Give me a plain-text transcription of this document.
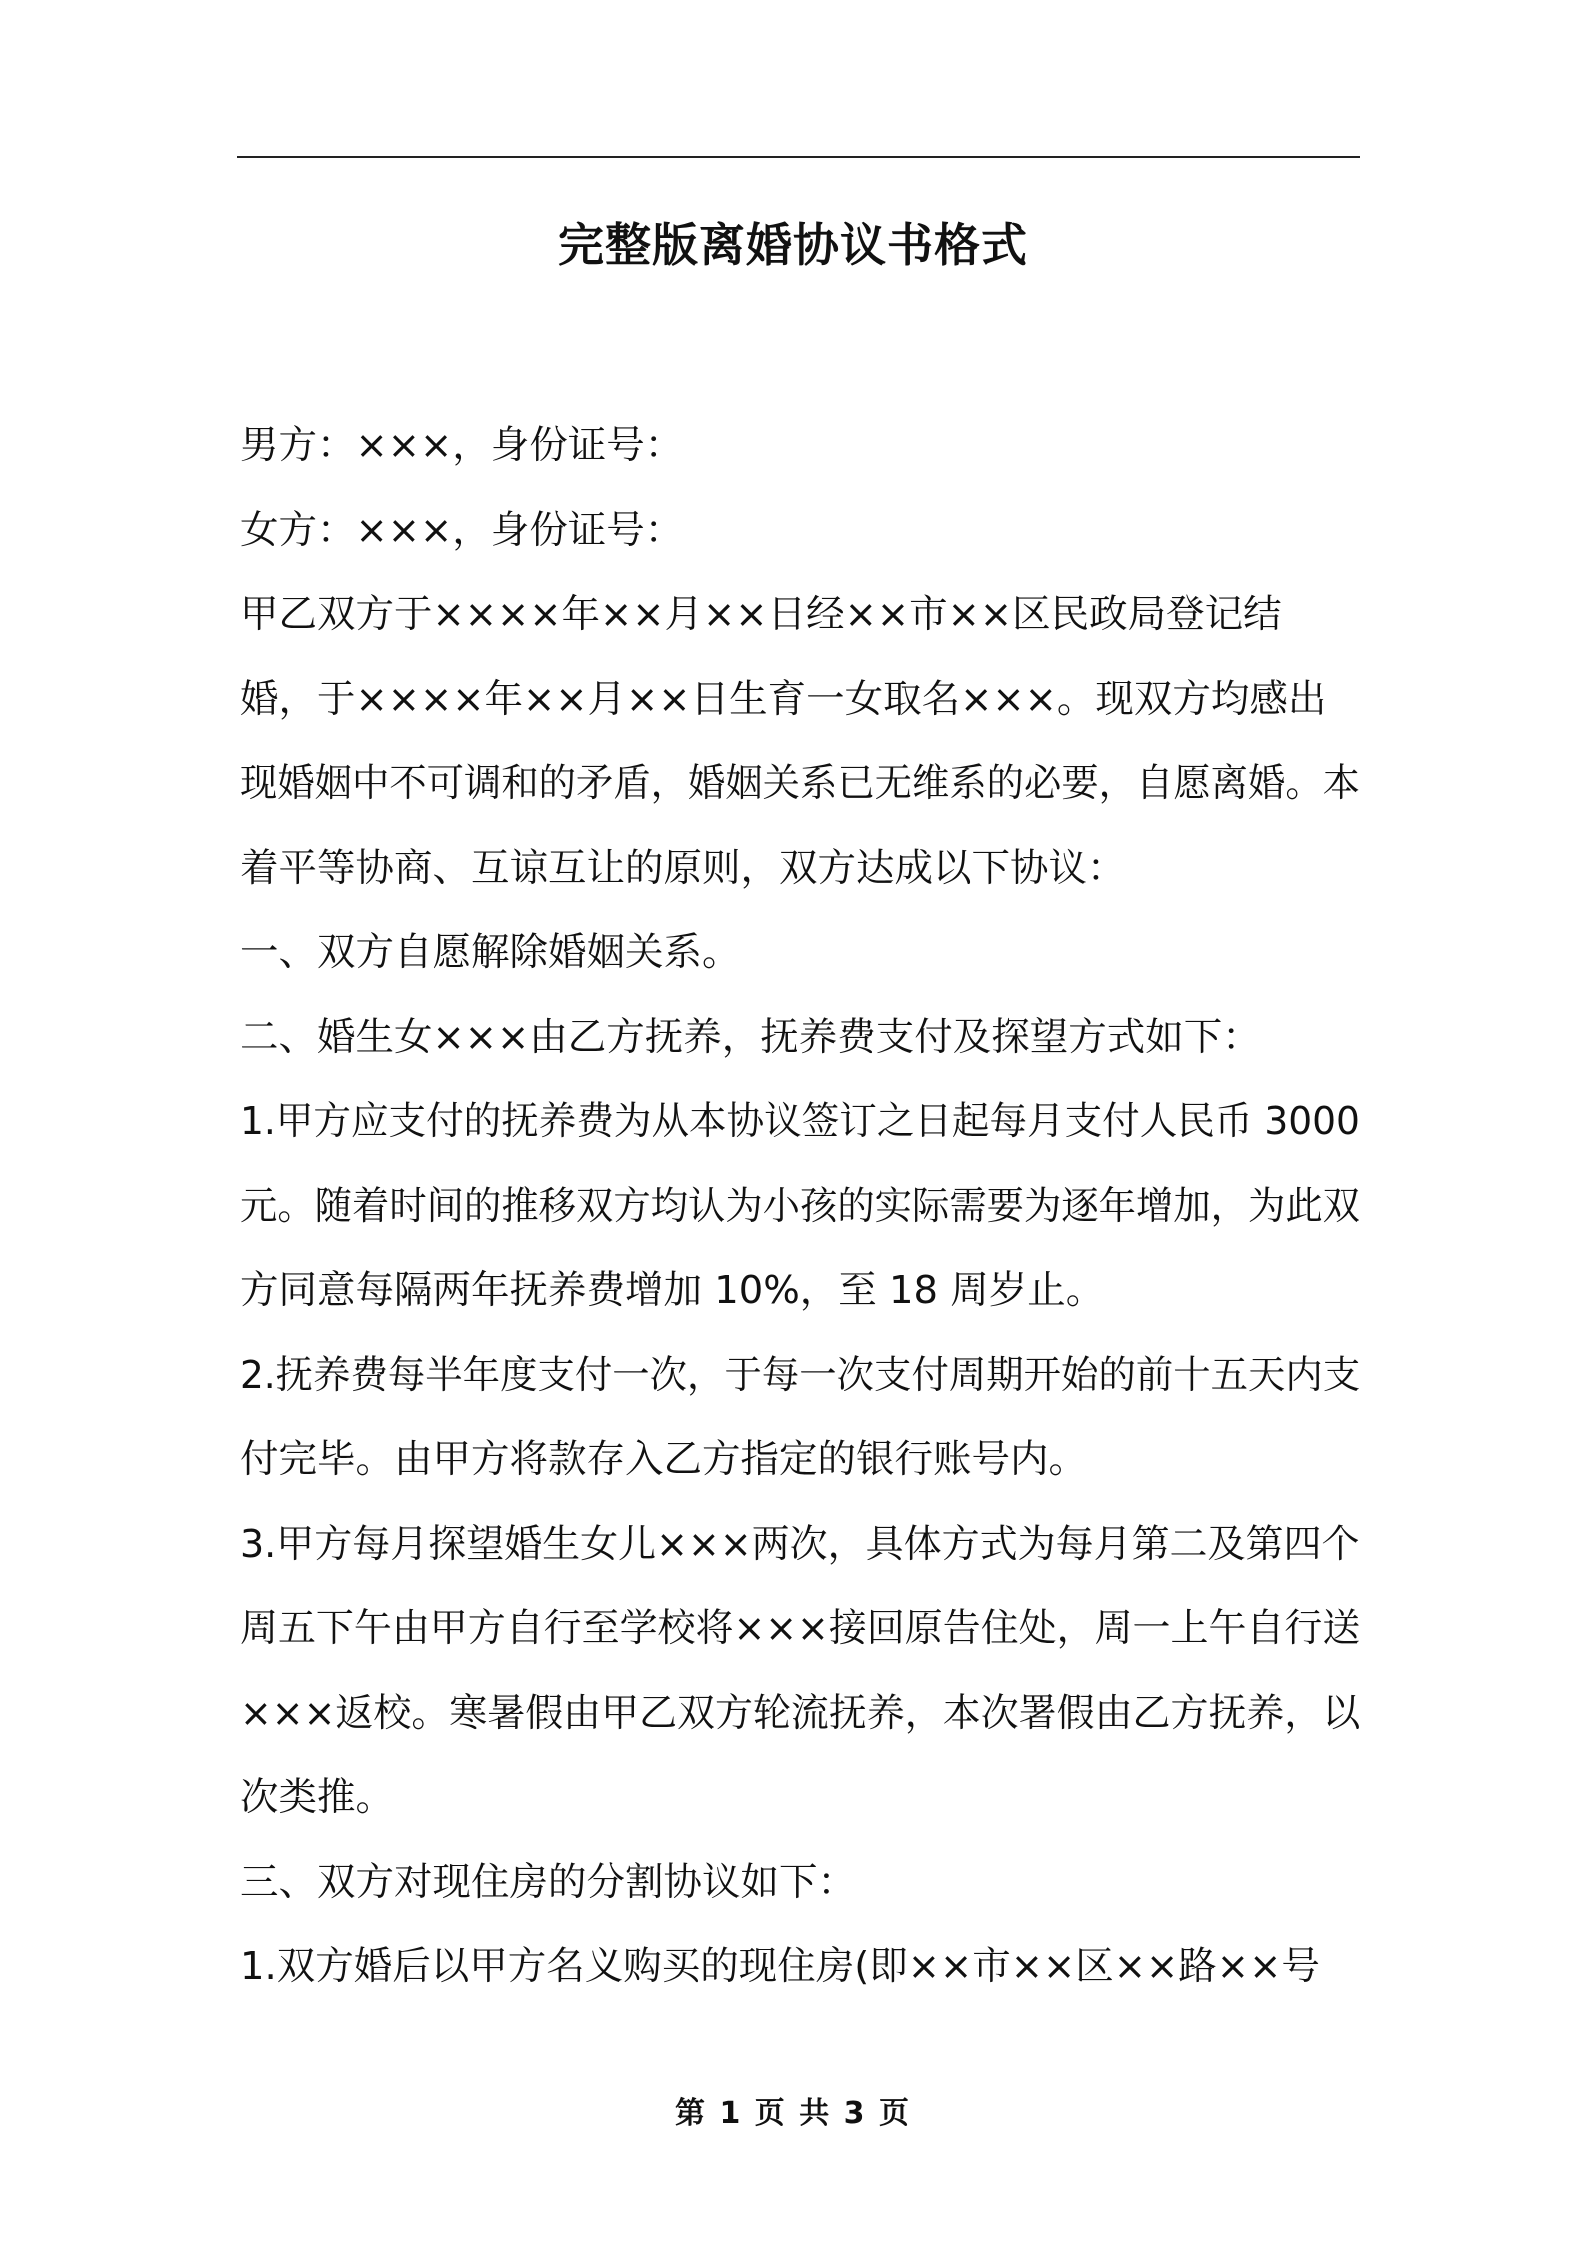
完整版离婚协议书格式
男方：×××，身份证号：
女方：×××，身份证号：
甲乙双方于××××年××月××日经××市××区民政局登记结
婚，于××××年××月××日生育一女取名×××。现双方均感出
现婚姻中不可调和的矛盾，婚姻关系已无维系的必要，自愿离婚。本
着平等协商、互谅互让的原则，双方达成以下协议：
一、双方自愿解除婚姻关系。
二、婚生女×××由乙方抚养，抚养费支付及探望方式如下：
1.甲方应支付的抚养费为从本协议签订之日起每月支付人民币 3000
元。随着时间的推移双方均认为小孩的实际需要为逐年增加，为此双
方同意每隔两年抚养费增加 10%，至 18 周岁止。
2.抚养费每半年度支付一次，于每一次支付周期开始的前十五天内支
付完毕。由甲方将款存入乙方指定的银行账号内。
3.甲方每月探望婚生女儿×××两次，具体方式为每月第二及第四个
周五下午由甲方自行至学校将×××接回原告住处，周一上午自行送
×××返校。寒暑假由甲乙双方轮流抚养，本次署假由乙方抚养，以
次类推。
三、双方对现住房的分割协议如下：
1.双方婚后以甲方名义购买的现住房(即××市××区××路××号
第 1 页 共 3 页
